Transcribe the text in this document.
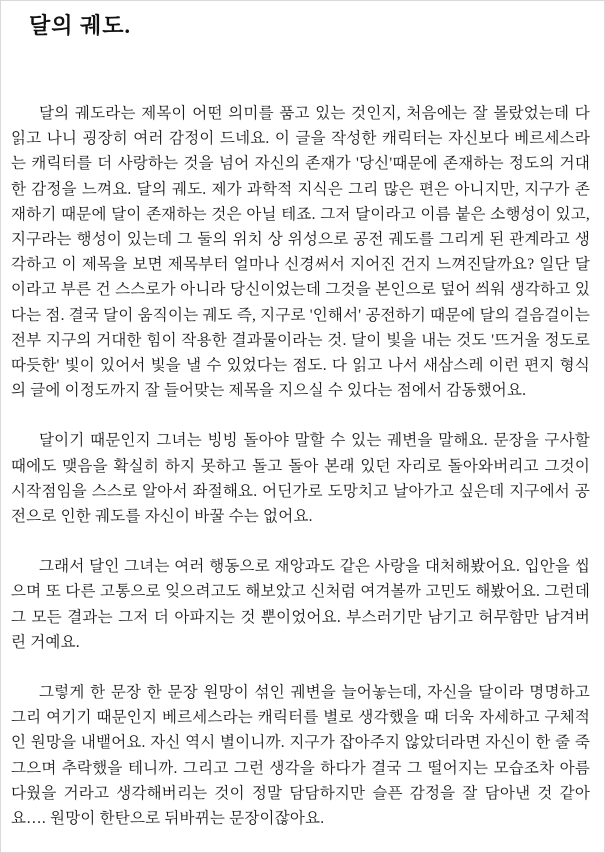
달의 궤도.

달의 궤도라는 제목이 어떤 의미를 품고 있는 것인지, 처음에는 잘 몰랐었는데 다 읽고 나니 굉장히 여러 감정이 드네요. 이 글을 작성한 캐릭터는 자신보다 베르세스라는 캐릭터를 더 사랑하는 것을 넘어 자신의 존재가 '당신'때문에 존재하는 정도의 거대한 감정을 느껴요. 달의 궤도. 제가 과학적 지식은 그리 많은 편은 아니지만, 지구가 존재하기 때문에 달이 존재하는 것은 아닐 테죠. 그저 달이라고 이름 붙은 소행성이 있고, 지구라는 행성이 있는데 그 둘의 위치 상 위성으로 공전 궤도를 그리게 된 관계라고 생각하고 이 제목을 보면 제목부터 얼마나 신경써서 지어진 건지 느껴진달까요? 일단 달이라고 부른 건 스스로가 아니라 당신이었는데 그것을 본인으로 덮어 씌워 생각하고 있다는 점. 결국 달이 움직이는 궤도 즉, 지구로 '인해서' 공전하기 때문에 달의 걸음걸이는 전부 지구의 거대한 힘이 작용한 결과물이라는 것. 달이 빛을 내는 것도 '뜨거울 정도로 따듯한' 빛이 있어서 빛을 낼 수 있었다는 점도. 다 읽고 나서 새삼스레 이런 편지 형식의 글에 이정도까지 잘 들어맞는 제목을 지으실 수 있다는 점에서 감동했어요.

달이기 때문인지 그녀는 빙빙 돌아야 말할 수 있는 궤변을 말해요. 문장을 구사할 때에도 맺음을 확실히 하지 못하고 돌고 돌아 본래 있던 자리로 돌아와버리고 그것이 시작점임을 스스로 알아서 좌절해요. 어딘가로 도망치고 날아가고 싶은데 지구에서 공전으로 인한 궤도를 자신이 바꿀 수는 없어요.

그래서 달인 그녀는 여러 행동으로 재앙과도 같은 사랑을 대처해봤어요. 입안을 씹으며 또 다른 고통으로 잊으려고도 해보았고 신처럼 여겨볼까 고민도 해봤어요. 그런데 그 모든 결과는 그저 더 아파지는 것 뿐이었어요. 부스러기만 남기고 허무함만 남겨버린 거예요.

그렇게 한 문장 한 문장 원망이 섞인 궤변을 늘어놓는데, 자신을 달이라 명명하고 그리 여기기 때문인지 베르세스라는 캐릭터를 별로 생각했을 때 더욱 자세하고 구체적인 원망을 내뱉어요. 자신 역시 별이니까. 지구가 잡아주지 않았더라면 자신이 한 줄 죽 그으며 추락했을 테니까. 그리고 그런 생각을 하다가 결국 그 떨어지는 모습조차 아름다웠을 거라고 생각해버리는 것이 정말 담담하지만 슬픈 감정을 잘 담아낸 것 같아요…. 원망이 한탄으로 뒤바뀌는 문장이잖아요.
